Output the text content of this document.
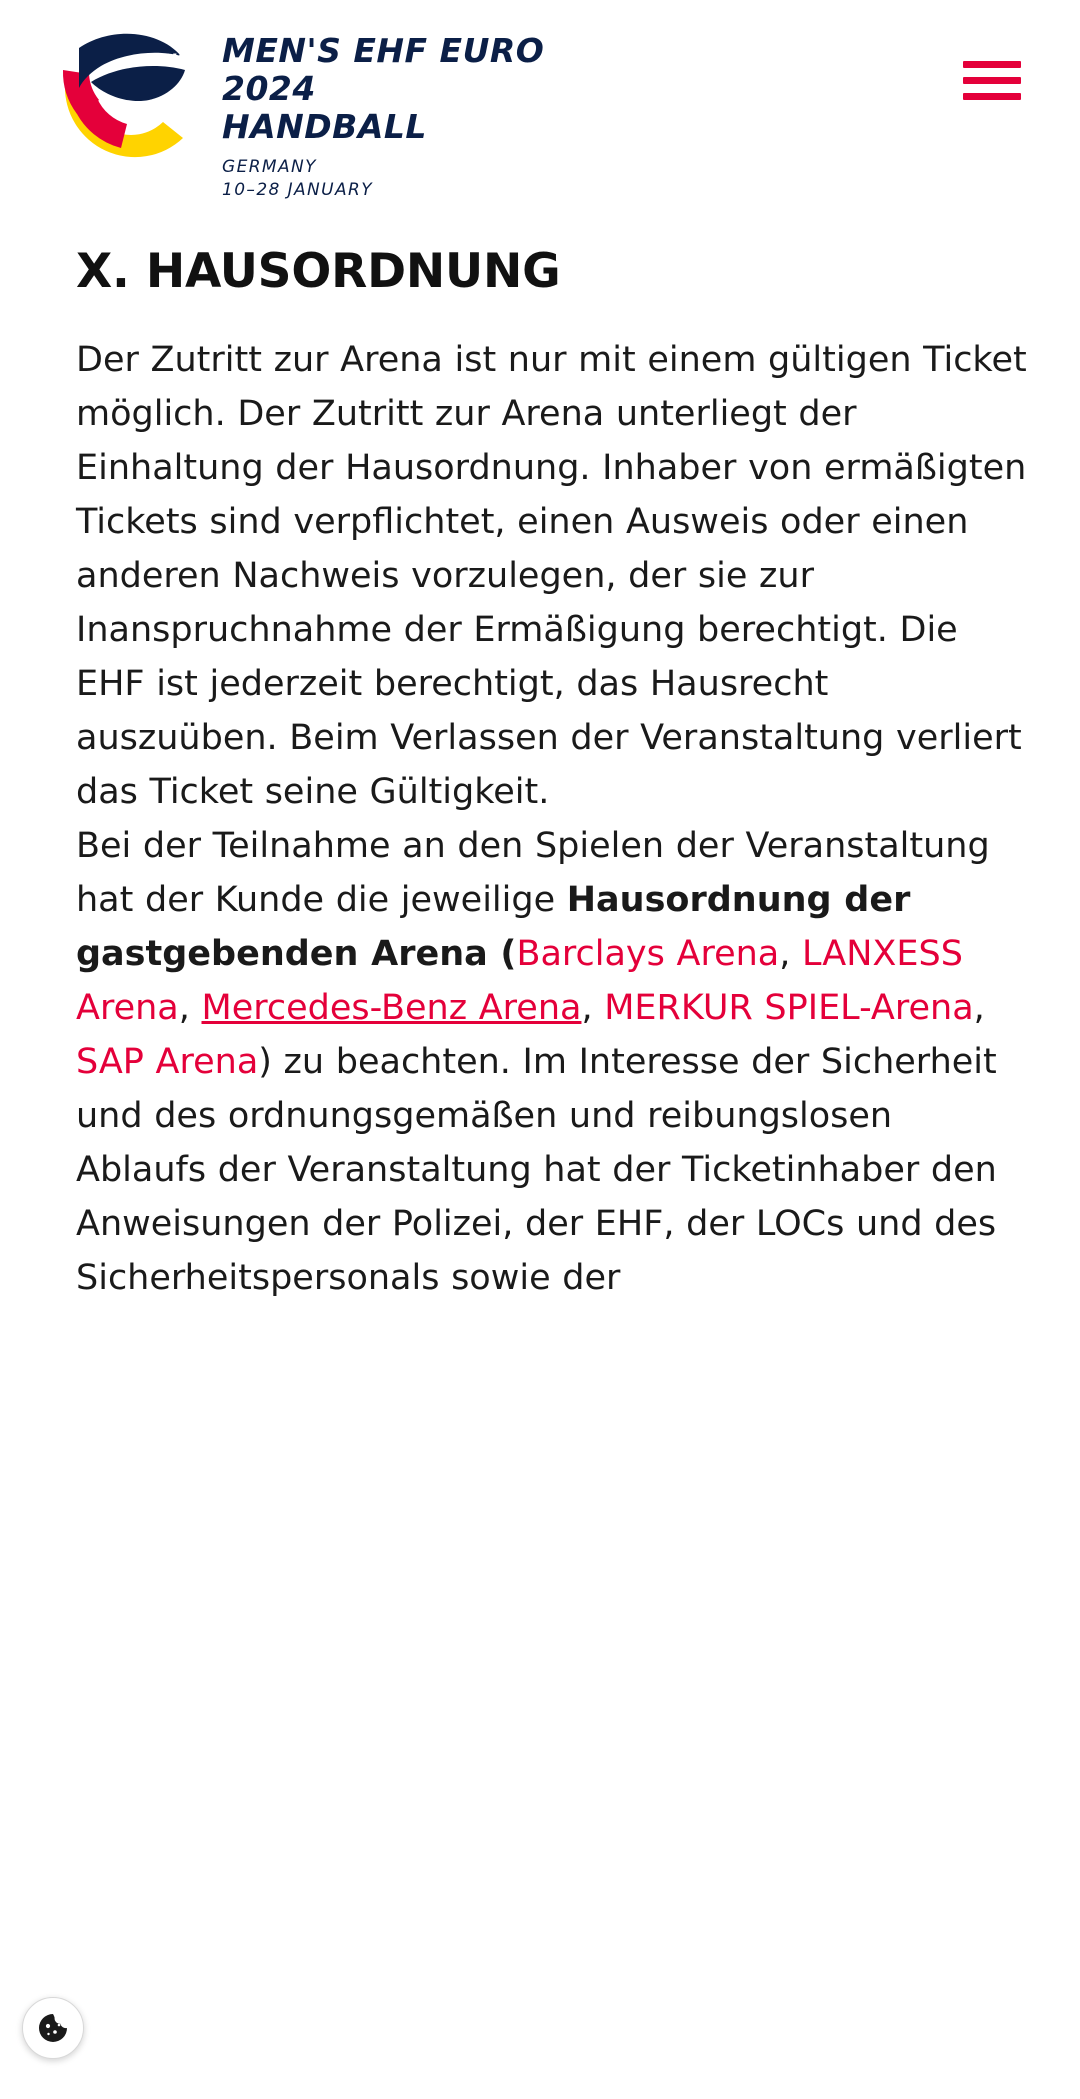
EHF MEN'S EHF EURO 2024
HANDBALL
GERMANY
10–28 JANUARY
X. HAUSORDNUNG

Der Zutritt zur Arena ist nur mit einem gültigen Ticket möglich. Der Zutritt zur Arena unterliegt der Einhaltung der Hausordnung. Inhaber von ermäßigten Tickets sind verpflichtet, einen Ausweis oder einen anderen Nachweis vorzulegen, der sie zur Inanspruchnahme der Ermäßigung berechtigt. Die EHF ist jederzeit berechtigt, das Hausrecht auszuüben. Beim Verlassen der Veranstaltung verliert das Ticket seine Gültigkeit.

Bei der Teilnahme an den Spielen der Veranstaltung hat der Kunde die jeweilige Hausordnung der gastgebenden Arena (Barclays Arena, LANXESS Arena, Mercedes-Benz Arena, MERKUR SPIEL-Arena, SAP Arena) zu beachten. Im Interesse der Sicherheit und des ordnungsgemäßen und reibungslosen Ablaufs der Veranstaltung hat der Ticketinhaber den Anweisungen der Polizei, der EHF, der LOCs und des Sicherheitspersonals sowie der
